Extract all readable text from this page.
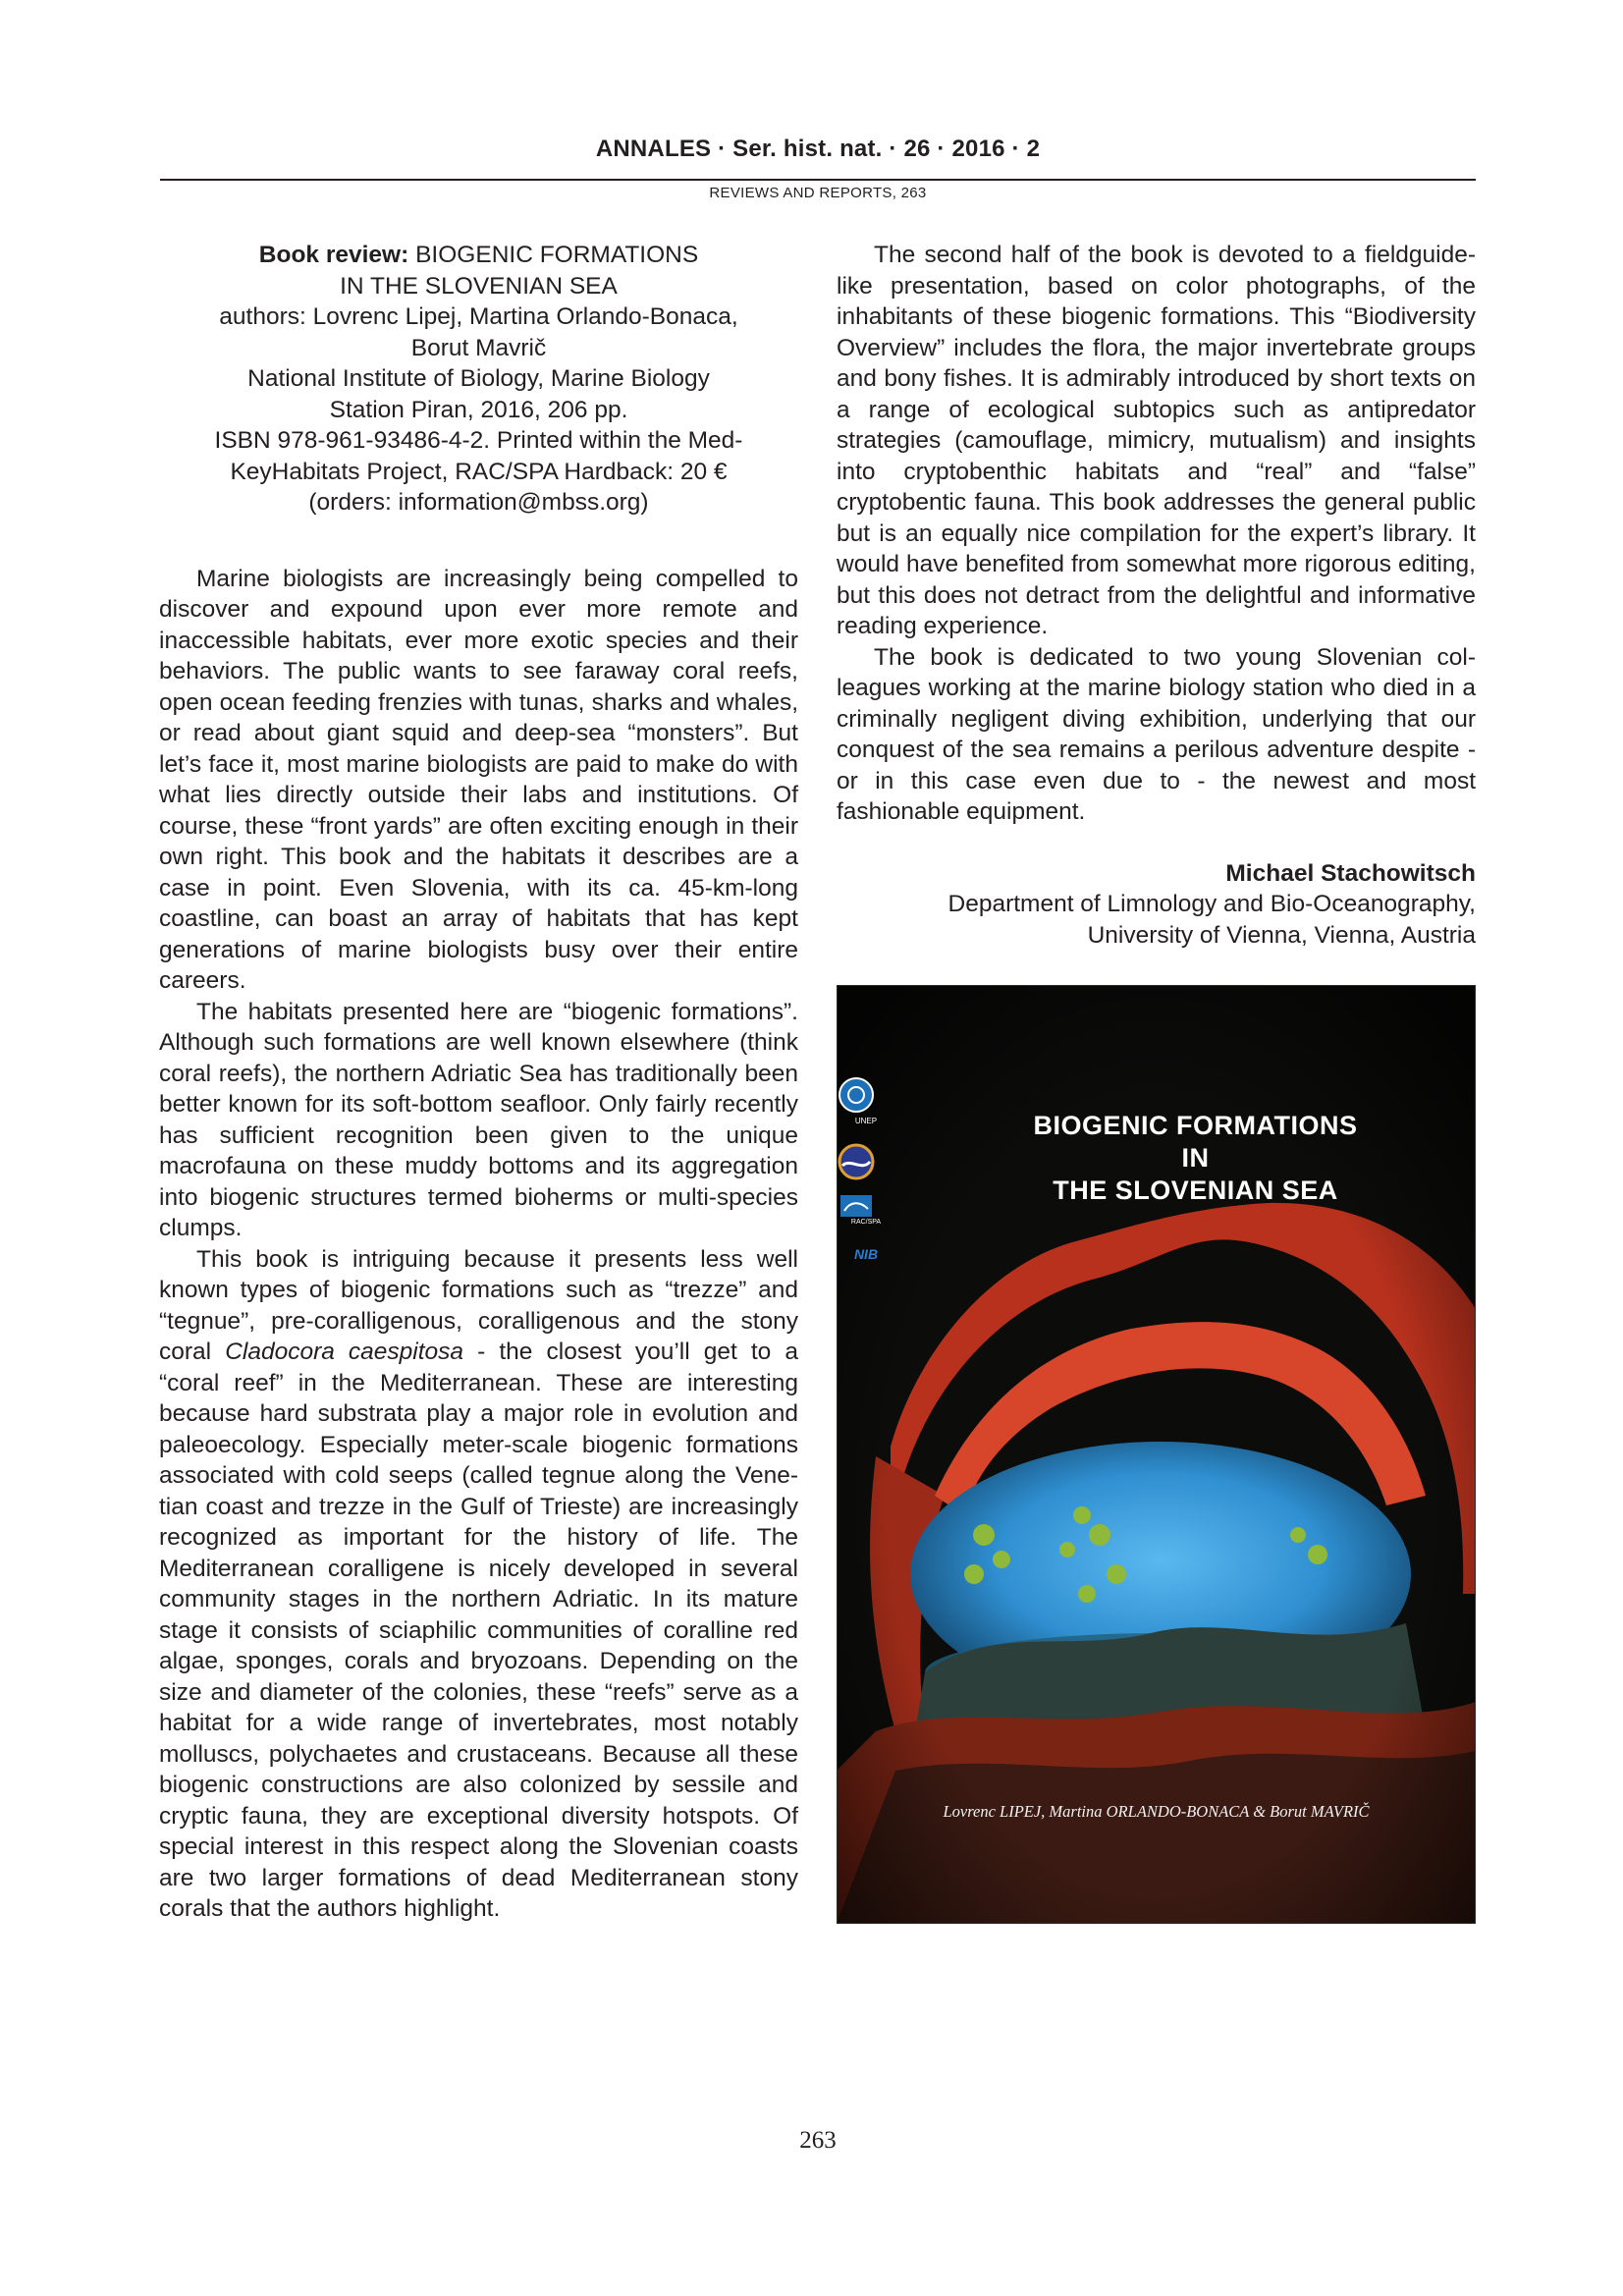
ANNALES · Ser. hist. nat. · 26 · 2016 · 2
REVIEWS AND REPORTS, 263
Book review: BIOGENIC FORMATIONS
IN THE SLOVENIAN SEA
authors: Lovrenc Lipej, Martina Orlando-Bonaca,
Borut Mavrič
National Institute of Biology, Marine Biology
Station Piran, 2016, 206 pp.
ISBN 978-961-93486-4-2. Printed within the Med-
KeyHabitats Project, RAC/SPA Hardback: 20 €
(orders: information@mbss.org)

Marine biologists are increasingly being compelled to discover and expound upon ever more remote and inaccessible habitats, ever more exotic species and their behaviors. The public wants to see faraway coral reefs, open ocean feeding frenzies with tunas, sharks and whales, or read about giant squid and deep-sea “monsters”. But let’s face it, most marine biologists are paid to make do with what lies directly outside their labs and institutions. Of course, these “front yards” are often exciting enough in their own right. This book and the habitats it describes are a case in point. Even Slovenia, with its ca. 45-km-long coastline, can boast an array of habitats that has kept generations of marine biologists busy over their entire careers.

The habitats presented here are “biogenic formations”. Although such formations are well known elsewhere (think coral reefs), the northern Adriatic Sea has traditionally been better known for its soft-bottom seafloor. Only fairly recently has sufficient recognition been given to the unique macrofauna on these muddy bottoms and its aggregation into biogenic structures termed bioherms or multi-species clumps.

This book is intriguing because it presents less well known types of biogenic formations such as “trezze” and “tegnue”, pre-coralligenous, coralligenous and the stony coral Cladocora caespitosa - the closest you’ll get to a “coral reef” in the Mediterranean. These are interesting because hard substrata play a major role in evolution and paleoecology. Especially meter-scale biogenic formations associated with cold seeps (called tegnue along the Venetian coast and trezze in the Gulf of Trieste) are increasingly recognized as important for the history of life. The Mediterranean coralligene is nicely developed in several community stages in the northern Adriatic. In its mature stage it consists of sciaphilic communities of coralline red algae, sponges, corals and bryozoans. Depending on the size and diameter of the colonies, these “reefs” serve as a habitat for a wide range of invertebrates, most notably molluscs, polychaetes and crustaceans. Because all these biogenic constructions are also colonized by sessile and cryptic fauna, they are exceptional diversity hotspots. Of special interest in this respect along the Slovenian coasts are two larger formations of dead Mediterranean stony corals that the authors highlight.

The second half of the book is devoted to a fieldguide-like presentation, based on color photographs, of the inhabitants of these biogenic formations. This “Biodiversity Overview” includes the flora, the major invertebrate groups and bony fishes. It is admirably introduced by short texts on a range of ecological subtopics such as antipredator strategies (camouflage, mimicry, mutualism) and insights into cryptobenthic habitats and “real” and “false” cryptobentic fauna. This book addresses the general public but is an equally nice compilation for the expert’s library. It would have benefited from somewhat more rigorous editing, but this does not detract from the delightful and informative reading experience.

The book is dedicated to two young Slovenian colleagues working at the marine biology station who died in a criminally negligent diving exhibition, underlying that our conquest of the sea remains a perilous adventure despite - or in this case even due to - the newest and most fashionable equipment.

Michael Stachowitsch
Department of Limnology and Bio-Oceanography,
University of Vienna, Vienna, Austria
UNEP
RAC/SPA
NIB
BIOGENIC FORMATIONS
IN
THE SLOVENIAN SEA
Lovrenc LIPEJ, Martina ORLANDO-BONACA & Borut MAVRIČ
263
